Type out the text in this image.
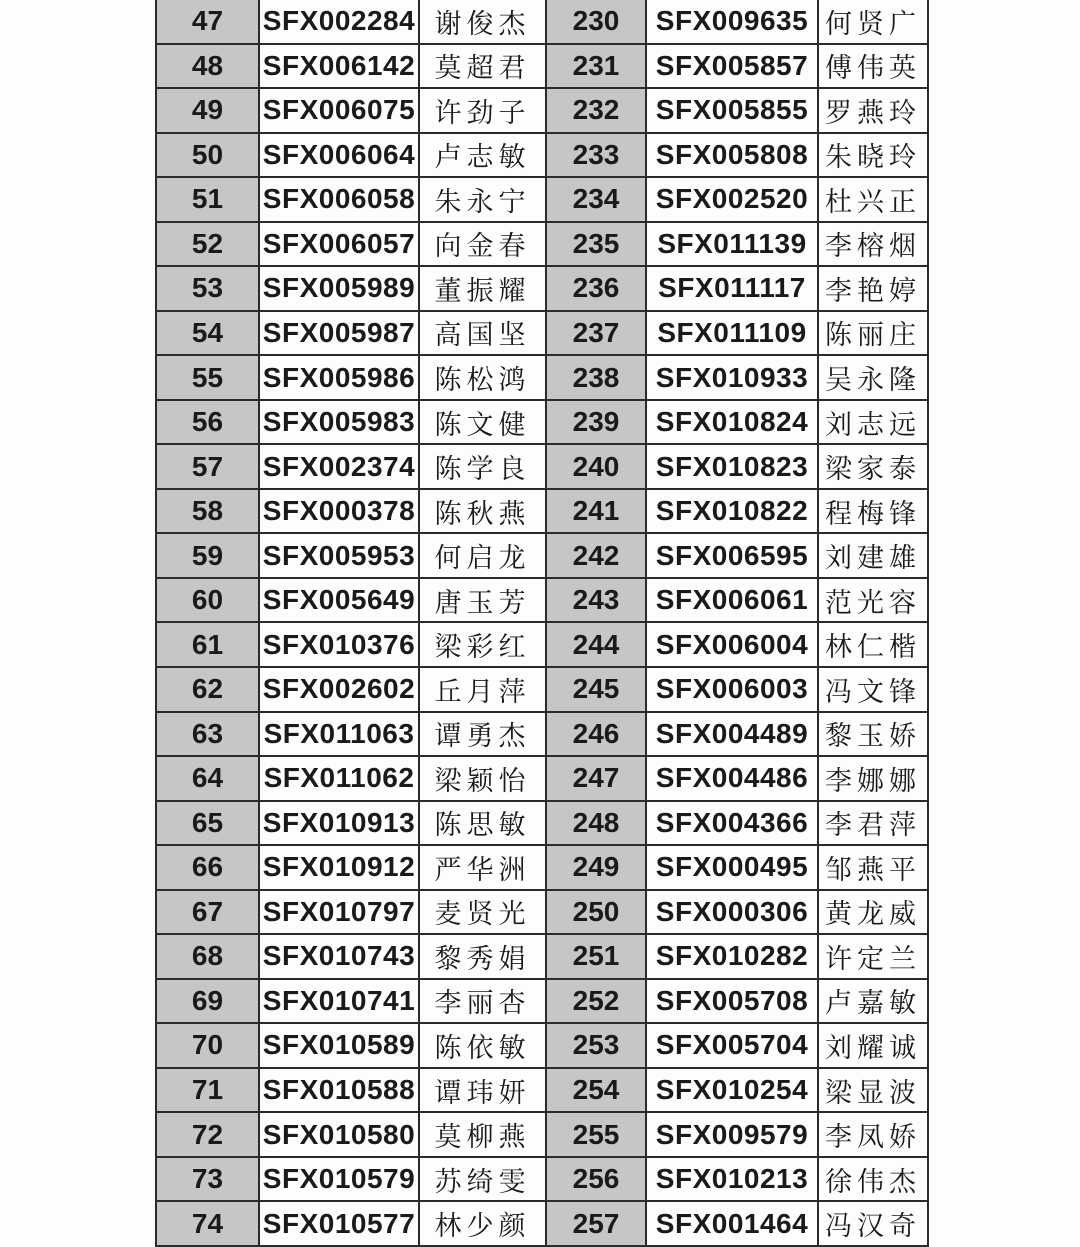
47	SFX002284	谢俊杰	230	SFX009635	何贤广
48	SFX006142	莫超君	231	SFX005857	傅伟英
49	SFX006075	许劲子	232	SFX005855	罗燕玲
50	SFX006064	卢志敏	233	SFX005808	朱晓玲
51	SFX006058	朱永宁	234	SFX002520	杜兴正
52	SFX006057	向金春	235	SFX011139	李榕烟
53	SFX005989	董振耀	236	SFX011117	李艳婷
54	SFX005987	高国坚	237	SFX011109	陈丽庄
55	SFX005986	陈松鸿	238	SFX010933	吴永隆
56	SFX005983	陈文健	239	SFX010824	刘志远
57	SFX002374	陈学良	240	SFX010823	梁家泰
58	SFX000378	陈秋燕	241	SFX010822	程梅锋
59	SFX005953	何启龙	242	SFX006595	刘建雄
60	SFX005649	唐玉芳	243	SFX006061	范光容
61	SFX010376	梁彩红	244	SFX006004	林仁楷
62	SFX002602	丘月萍	245	SFX006003	冯文锋
63	SFX011063	谭勇杰	246	SFX004489	黎玉娇
64	SFX011062	梁颖怡	247	SFX004486	李娜娜
65	SFX010913	陈思敏	248	SFX004366	李君萍
66	SFX010912	严华洲	249	SFX000495	邹燕平
67	SFX010797	麦贤光	250	SFX000306	黄龙威
68	SFX010743	黎秀娟	251	SFX010282	许定兰
69	SFX010741	李丽杏	252	SFX005708	卢嘉敏
70	SFX010589	陈依敏	253	SFX005704	刘耀诚
71	SFX010588	谭玮妍	254	SFX010254	梁显波
72	SFX010580	莫柳燕	255	SFX009579	李凤娇
73	SFX010579	苏绮雯	256	SFX010213	徐伟杰
74	SFX010577	林少颜	257	SFX001464	冯汉奇
